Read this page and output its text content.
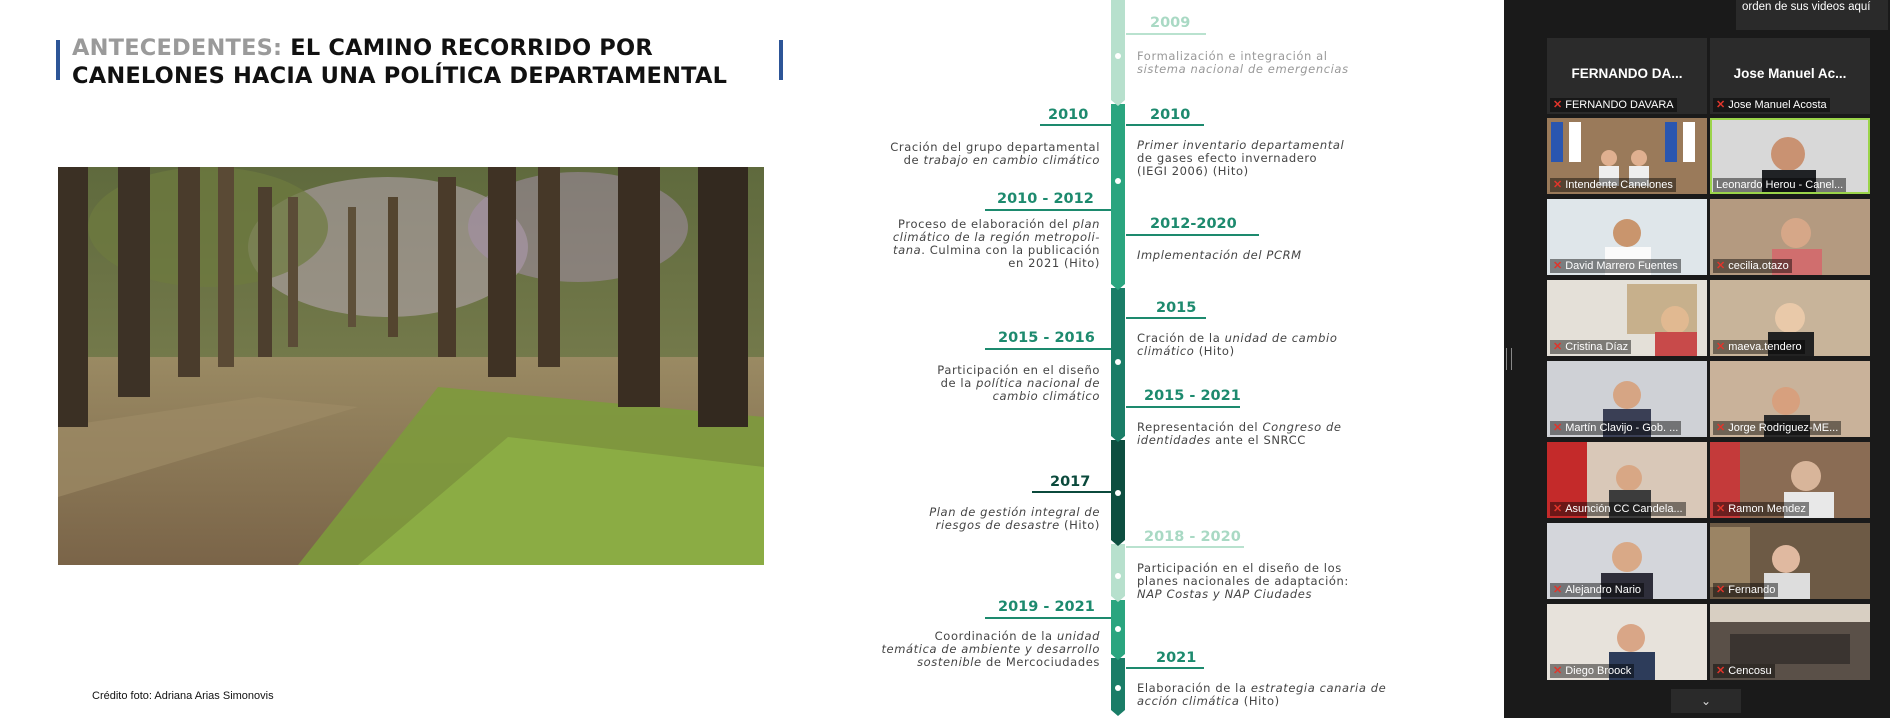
ANTECEDENTES: EL CAMINO RECORRIDO POR
CANELONES HACIA UNA POLÍTICA DEPARTAMENTAL
Crédito foto: Adriana Arias Simonovis
2009
Formalización e integración al
sistema nacional de emergencias
2010
Cración del grupo departamental
de trabajo en cambio climático
2010
Primer inventario departamental
de gases efecto invernadero
(IEGI 2006) (Hito)
2010 - 2012
Proceso de elaboración del plan
climático de la región metropoli-
tana. Culmina con la publicación
en 2021 (Hito)
2012-2020
Implementación del PCRM
2015
Cración de la unidad de cambio
climático (Hito)
2015 - 2016
Participación en el diseño
de la política nacional de
cambio climático	2015 - 2021
Representación del Congreso de
identidades ante el SNRCC
2017
Plan de gestión integral de
riesgos de desastre (Hito)
2018 - 2020
Participación en el diseño de los
planes nacionales de adaptación:
NAP Costas y NAP Ciudades
2019 - 2021
Coordinación de la unidad
temática de ambiente y desarrollo
sostenible de Mercociudades	2021
Elaboración de la estrategia canaria de
acción climática (Hito)
orden de sus videos aquí
FERNANDO DA...
✕ FERNANDO DAVARA
Jose Manuel Ac...
✕ Jose Manuel Acosta
✕ Intendente Canelones	Leonardo Herou - Canel...
✕ David Marrero Fuentes	✕ cecilia.otazo
✕ Cristina Díaz	✕ maeva.tendero
✕ Martín Clavijo - Gob. ...	✕ Jorge Rodriguez-ME...
✕ Asunción CC Candela...	✕ Ramon Mendez
✕ Alejandro Nario	✕ Fernando
✕ Diego Broock	✕ Cencosu
⌄
